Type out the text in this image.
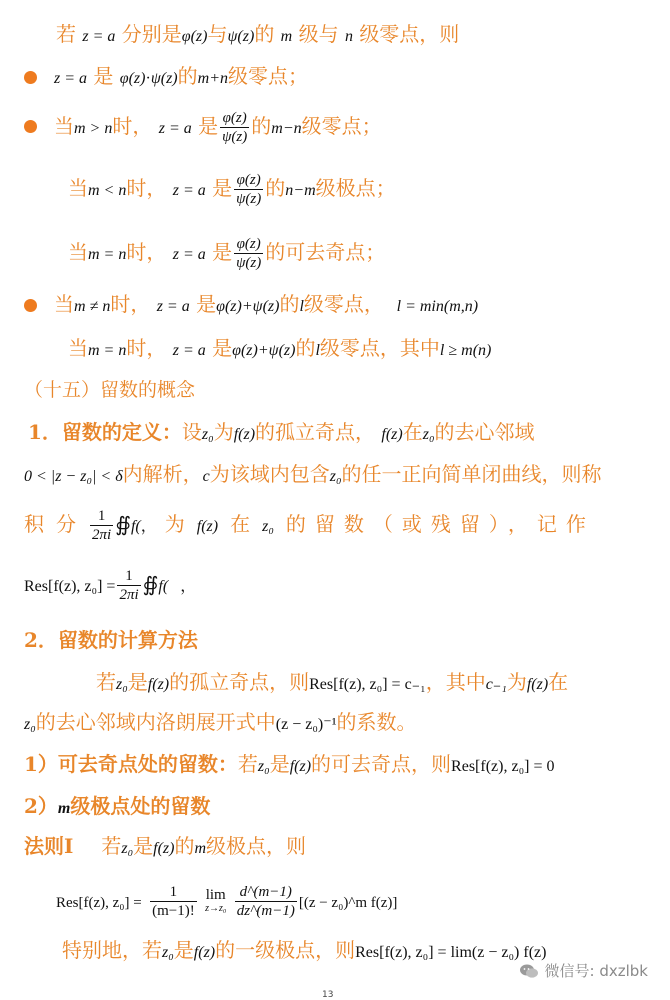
若 z = a 分别是φ(z)与ψ(z)的 m 级与 n 级零点，则
z = a 是 φ(z)·ψ(z)的m+n级零点；
当m > n时， z = a 是 $\frac{\varphi(z)}{\psi(z)}$ 的m−n级零点；
当m < n时， z = a 是 $\frac{\varphi(z)}{\psi(z)}$ 的n−m级极点；
当m = n时， z = a 是 $\frac{\varphi(z)}{\psi(z)}$ 的可去奇点；
当m ≠ n时， z = a 是φ(z)+ψ(z)的l级零点， l = min(m,n)
当m = n时， z = a 是φ(z)+ψ(z)的l级零点，其中l ≥ m(n)
（十五）留数的概念
1．留数的定义：设z₀为f(z)的孤立奇点， f(z)在z₀的去心邻域
0 < |z − z₀| < δ内解析，c为该域内包含z₀的任一正向简单闭曲线，则称
积分 $\frac{1}{2\pi i}$ ∯f(， 为f(z) 在z₀ 的留数（或残留），记作
Res[f(z), $z_0] = \frac{1}{2\pi i}$ ∯f( ，
2．留数的计算方法
若z₀是f(z)的孤立奇点，则Res[f(z), z₀] = c₋₁，其中c₋₁为f(z)在
z₀的去心邻域内洛朗展开式中(z − z₀)⁻¹的系数。
1）可去奇点处的留数：若z₀是f(z)的可去奇点，则Res[f(z), z₀] = 0
2）m级极点处的留数
法则Ⅰ 若z₀是f(z)的m级极点，则
Res[f(z), $z_0] = \frac{1}{(m-1)!}$
lim
z→z₀
$\frac{d\^{}(m-1)}{dz\^{}(m-1)} [(z$ − z₀)^m f(z)]
特别地，若z₀是f(z)的一级极点，则Res[f(z), z₀] = lim(z − z₀) f(z)
微信号: dxzlbk
13
